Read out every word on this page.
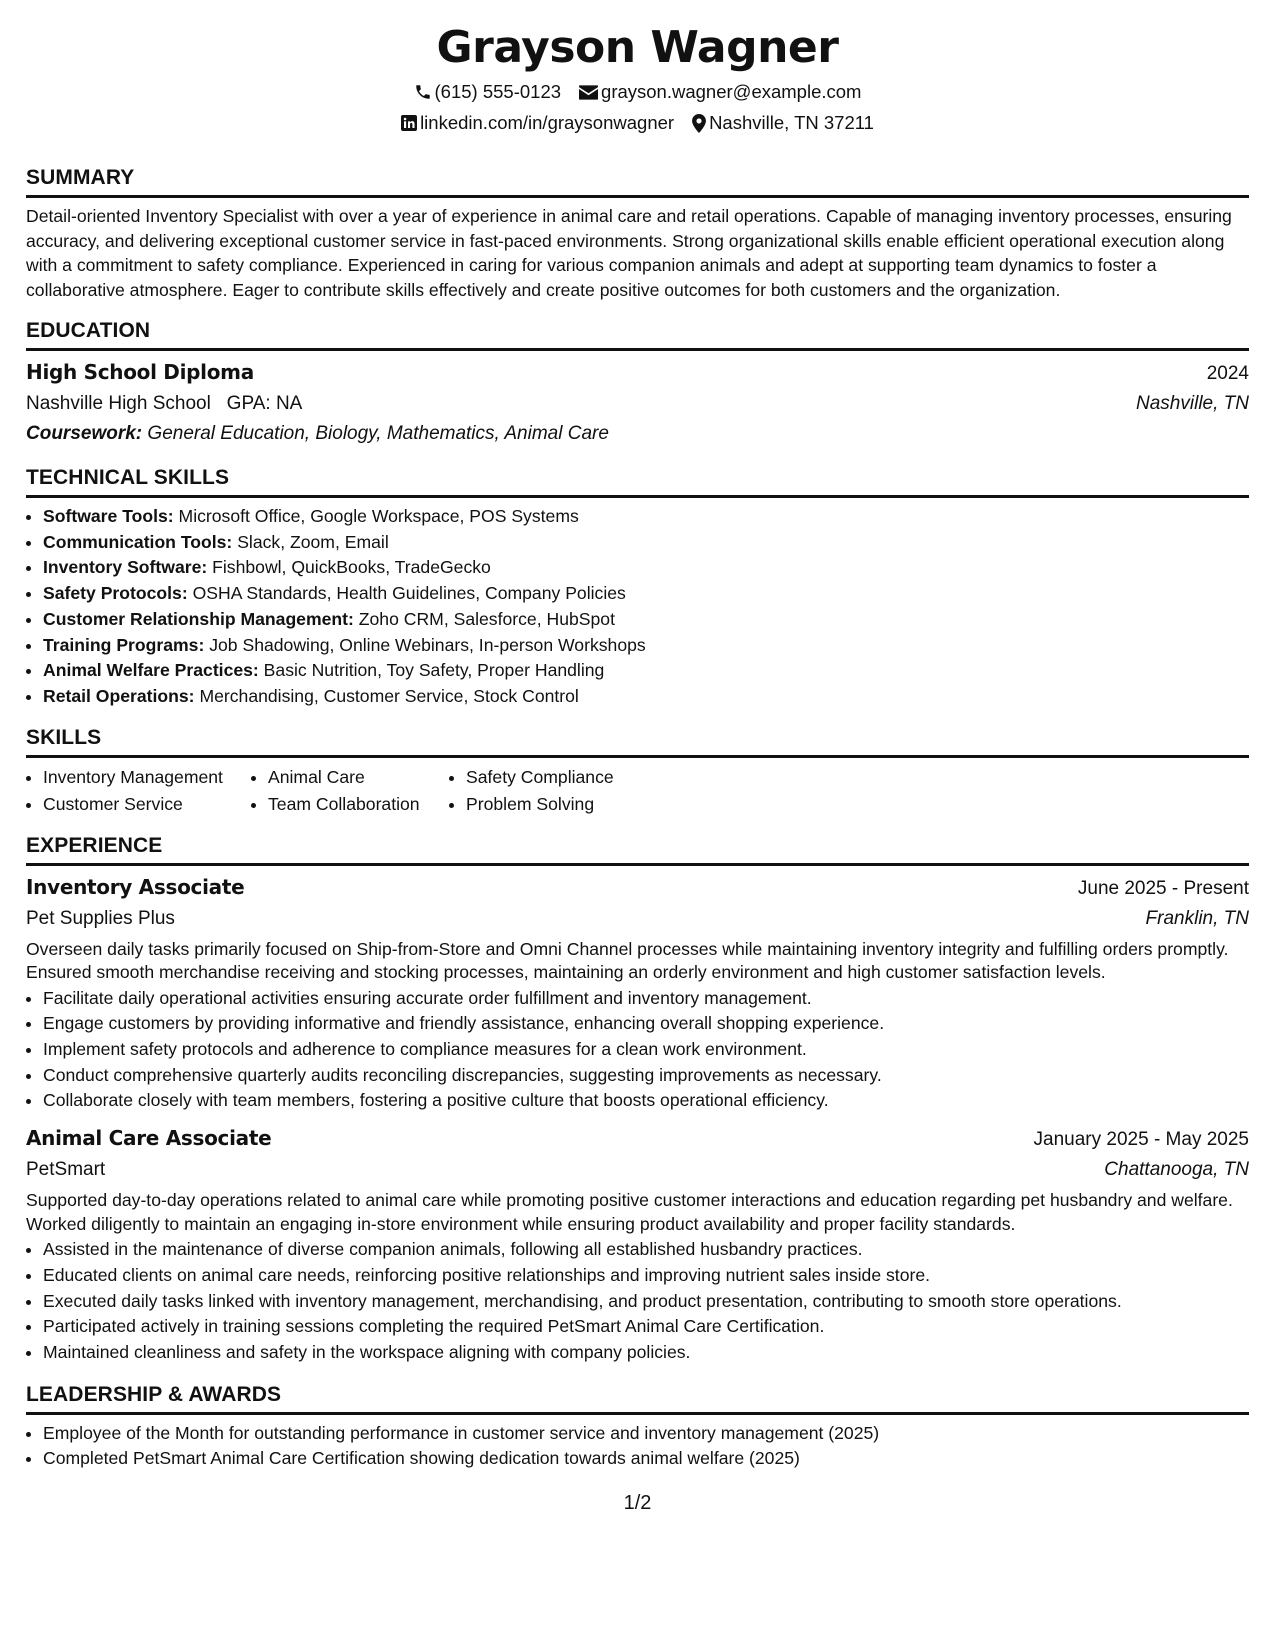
Grayson Wagner
(615) 555-0123 grayson.wagner@example.com
linkedin.com/in/graysonwagner Nashville, TN 37211
SUMMARY

Detail-oriented Inventory Specialist with over a year of experience in animal care and retail operations. Capable of managing inventory processes, ensuring accuracy, and delivering exceptional customer service in fast-paced environments. Strong organizational skills enable efficient operational execution along with a commitment to safety compliance. Experienced in caring for various companion animals and adept at supporting team dynamics to foster a collaborative atmosphere. Eager to contribute skills effectively and create positive outcomes for both customers and the organization.

EDUCATION
High School Diploma	2024
Nashville High School GPA: NA	Nashville, TN
Coursework: General Education, Biology, Mathematics, Animal Care
TECHNICAL SKILLS
• Software Tools: Microsoft Office, Google Workspace, POS Systems
• Communication Tools: Slack, Zoom, Email
• Inventory Software: Fishbowl, QuickBooks, TradeGecko
• Safety Protocols: OSHA Standards, Health Guidelines, Company Policies
• Customer Relationship Management: Zoho CRM, Salesforce, HubSpot
• Training Programs: Job Shadowing, Online Webinars, In-person Workshops
• Animal Welfare Practices: Basic Nutrition, Toy Safety, Proper Handling
• Retail Operations: Merchandising, Customer Service, Stock Control
SKILLS
• Inventory Management
• Customer Service
• Animal Care
• Team Collaboration
• Safety Compliance
• Problem Solving
EXPERIENCE
Inventory Associate	June 2025 - Present
Pet Supplies Plus	Franklin, TN

Overseen daily tasks primarily focused on Ship-from-Store and Omni Channel processes while maintaining inventory integrity and fulfilling orders promptly. Ensured smooth merchandise receiving and stocking processes, maintaining an orderly environment and high customer satisfaction levels.

• Facilitate daily operational activities ensuring accurate order fulfillment and inventory management.
• Engage customers by providing informative and friendly assistance, enhancing overall shopping experience.
• Implement safety protocols and adherence to compliance measures for a clean work environment.
• Conduct comprehensive quarterly audits reconciling discrepancies, suggesting improvements as necessary.
• Collaborate closely with team members, fostering a positive culture that boosts operational efficiency.
Animal Care Associate	January 2025 - May 2025
PetSmart	Chattanooga, TN

Supported day-to-day operations related to animal care while promoting positive customer interactions and education regarding pet husbandry and welfare. Worked diligently to maintain an engaging in-store environment while ensuring product availability and proper facility standards.

• Assisted in the maintenance of diverse companion animals, following all established husbandry practices.
• Educated clients on animal care needs, reinforcing positive relationships and improving nutrient sales inside store.
• Executed daily tasks linked with inventory management, merchandising, and product presentation, contributing to smooth store operations.
• Participated actively in training sessions completing the required PetSmart Animal Care Certification.
• Maintained cleanliness and safety in the workspace aligning with company policies.
LEADERSHIP & AWARDS
• Employee of the Month for outstanding performance in customer service and inventory management (2025)
• Completed PetSmart Animal Care Certification showing dedication towards animal welfare (2025)
1/2
